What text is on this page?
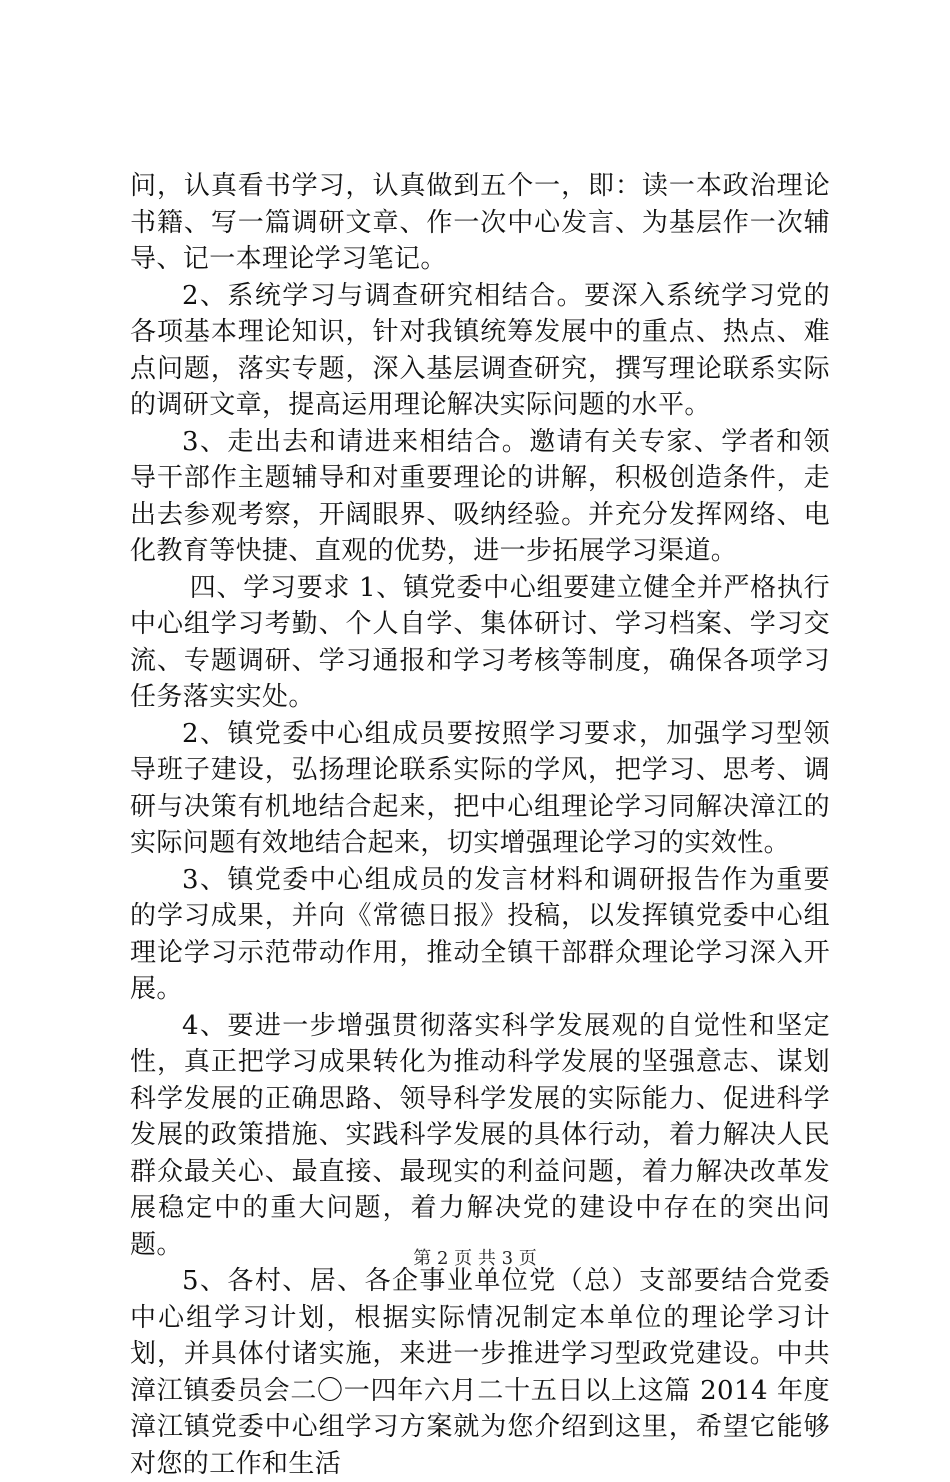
问，认真看书学习，认真做到五个一，即：读一本政治理论书籍、写一篇调研文章、作一次中心发言、为基层作一次辅导、记一本理论学习笔记。

2、系统学习与调查研究相结合。要深入系统学习党的各项基本理论知识，针对我镇统筹发展中的重点、热点、难点问题，落实专题，深入基层调查研究，撰写理论联系实际的调研文章，提高运用理论解决实际问题的水平。

3、走出去和请进来相结合。邀请有关专家、学者和领导干部作主题辅导和对重要理论的讲解，积极创造条件，走出去参观考察，开阔眼界、吸纳经验。并充分发挥网络、电化教育等快捷、直观的优势，进一步拓展学习渠道。

四、学习要求 1、镇党委中心组要建立健全并严格执行中心组学习考勤、个人自学、集体研讨、学习档案、学习交流、专题调研、学习通报和学习考核等制度，确保各项学习任务落实实处。

2、镇党委中心组成员要按照学习要求，加强学习型领导班子建设，弘扬理论联系实际的学风，把学习、思考、调研与决策有机地结合起来，把中心组理论学习同解决漳江的实际问题有效地结合起来，切实增强理论学习的实效性。

3、镇党委中心组成员的发言材料和调研报告作为重要的学习成果，并向《常德日报》投稿，以发挥镇党委中心组理论学习示范带动作用，推动全镇干部群众理论学习深入开展。

4、要进一步增强贯彻落实科学发展观的自觉性和坚定性，真正把学习成果转化为推动科学发展的坚强意志、谋划科学发展的正确思路、领导科学发展的实际能力、促进科学发展的政策措施、实践科学发展的具体行动，着力解决人民群众最关心、最直接、最现实的利益问题，着力解决改革发展稳定中的重大问题，着力解决党的建设中存在的突出问题。

5、各村、居、各企事业单位党（总）支部要结合党委中心组学习计划，根据实际情况制定本单位的理论学习计划，并具体付诸实施，来进一步推进学习型政党建设。中共漳江镇委员会二〇一四年六月二十五日以上这篇 2014 年度漳江镇党委中心组学习方案就为您介绍到这里，希望它能够对您的工作和生活

第 2 页 共 3 页
